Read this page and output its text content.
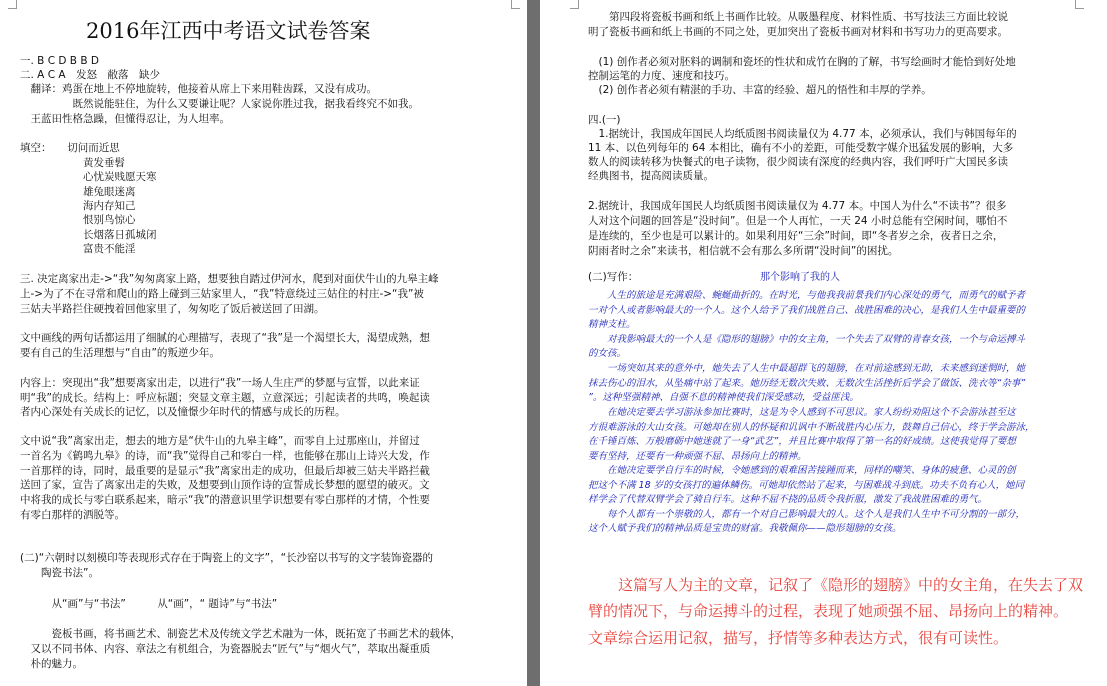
2016年江西中考语文试卷答案
一. B C D B B D
二. A C A　发怒　敝落　缺少
　翻译：鸡蛋在地上不停地旋转，他接着从席上下来用鞋齿踩，又没有成功。
　　　　　既然说能驻住，为什么又要谦让呢？人家说你胜过我，据我看终究不如我。
　王蓝田性格急躁，但懂得忍让，为人坦率。
填空：　　切问而近思
　　　　　　黄发垂髫
　　　　　　心忧炭贱愿天寒
　　　　　　雄兔眼迷离
　　　　　　海内存知己
　　　　　　恨别鸟惊心
　　　　　　长烟落日孤城闭
　　　　　　富贵不能淫
三. 决定离家出走->“我”匆匆离家上路，想要独自踏过伊河水，爬到对面伏牛山的九皋主峰
上->为了不在寻常和爬山的路上碰到三姑家里人，“我”特意绕过三姑住的村庄->“我”被
三姑夫半路拦住硬拽着回他家里了，匆匆吃了饭后被送回了田湖。
文中画线的两句话都运用了细腻的心理描写，表现了“我”是一个渴望长大，渴望成熟，想
要有自己的生活理想与“自由”的叛逆少年。
内容上：突现出“我”想要离家出走，以进行“我”一场人生庄严的梦愿与宣誓，以此来证
明“我”的成长。结构上：呼应标题；突显文章主题，立意深远；引起读者的共鸣，唤起读
者内心深处有关成长的记忆，以及憧憬少年时代的情感与成长的历程。
文中说“我”离家出走，想去的地方是“伏牛山的九皋主峰”，而零自上过那座山，并留过
一首名为《鹤鸣九皋》的诗，而“我”觉得自己和零白一样，也能够在那山上诗兴大发，作
一首那样的诗，同时，最重要的是显示“我”离家出走的成功，但最后却被三姑夫半路拦截
送回了家，宣告了离家出走的失败，及想要到山顶作诗的宣誓成长梦想的愿望的破灭。文
中将我的成长与零白联系起来，暗示“我”的潜意识里学识想要有零白那样的才情，个性要
有零白那样的洒脱等。
(二)“六朝时以刻模印等表现形式存在于陶瓷上的文字”，“长沙窑以书写的文字装饰瓷器的
　　陶瓷书法”。
　　　从“画”与“书法”　　　从“画”，“ 题诗”与“书法”
　　　瓷板书画，将书画艺术、制瓷艺术及传统文学艺术融为一体，既拓宽了书画艺术的载体，
　又以不同书体、内容、章法之有机组合，为瓷器脱去“匠气”与“烟火气”，萃取出凝重质
　朴的魅力。
　　第四段将瓷板书画和纸上书画作比较。从吸墨程度、材料性质、书写技法三方面比较说
明了瓷板书画和纸上书画的不同之处，更加突出了瓷板书画对材料和书写功力的更高要求。
　(1) 创作者必须对胚料的调制和瓷坯的性状和成竹在胸的了解，书写绘画时才能恰到好处地
控制运笔的力度、速度和技巧。
　(2) 创作者必须有精湛的手功、丰富的经验、超凡的悟性和丰厚的学养。
四.(一)
　1.据统计，我国成年国民人均纸质图书阅读量仅为 4.77 本，必须承认，我们与韩国每年的
11 本、以色列每年的 64 本相比，确有不小的差距，可能受数字媒介迅猛发展的影响，大多
数人的阅读转移为快餐式的电子读物，很少阅读有深度的经典内容，我们呼吁广大国民多读
经典图书，提高阅读质量。
2.据统计，我国成年国民人均纸质图书阅读量仅为 4.77 本。中国人为什么“不读书”？很多
人对这个问题的回答是“没时间”。但是一个人再忙，一天 24 小时总能有空闲时间，哪怕不
是连续的，至少也是可以累计的。如果利用好“三余”时间，即“冬者岁之余，夜者日之余，
阴雨者时之余”来读书，相信就不会有那么多所谓“没时间”的困扰。
(二)写作：	那个影响了我的人
　　人生的旅途是充满艰险、蜿蜒曲折的。在时光，与他我我前景我们内心深处的勇气，而勇气的赋予者
一对个人或者影响最大的一个人。这个人给予了我们战胜自己、战胜困难的决心，是我们人生中最重要的
精神支柱。
　　对我影响最大的一个人是《隐形的翅膀》中的女主角，一个失去了双臂的青春女孩，一个与命运搏斗
的女孩。
　　一场突如其来的意外中，她失去了人生中最超群飞的翅膀，在对前途感到无助，未来感到迷惘时，她
抹去伤心的泪水，从坠痛中站了起来。她历经无数次失败、无数次生活挫折后学会了做饭、洗衣等“杂事”
”。这种坚强精神、自强不息的精神使我们深受感动，受益匪浅。
　　在她决定要去学习游泳参加比赛时，这是为令人感到不可思议。家人纷纷劝阻这个不会游泳甚至这
方很难游泳的大山女孩。可她却在别人的怀疑和讥讽中不断战胜内心压力，鼓舞自己信心，终于学会游泳，
在千锤百炼、万般磨砺中她迷就了一身“武艺”，并且比赛中取得了第一名的好成绩。这使我觉得了要想
要有坚持，还要有一种顽强不屈、昂扬向上的精神。
　　在她决定要学自行车的时候，令她感到的艰难困苦接踵而来，同样的嘲笑、身体的疲惫、心灵的创
把这个不满 18 岁的女孩打的遍体鳞伤。可她却依然站了起来，与困难战斗到底。功夫不负有心人，她同
样学会了代替双臂学会了骑自行车。这种不屈不挠的品质令我折服，激发了我战胜困难的勇气。
　　每个人都有一个崇敬的人，都有一个对自己影响最大的人。这个人是我们人生中不可分割的一部分，
这个人赋予我们的精神品质是宝贵的财富。我敬佩你——隐形翅膀的女孩。
　　这篇写人为主的文章，记叙了《隐形的翅膀》中的女主角，在失去了双
臂的情况下，与命运搏斗的过程，表现了她顽强不屈、昂扬向上的精神。
文章综合运用记叙，描写，抒情等多种表达方式，很有可读性。
